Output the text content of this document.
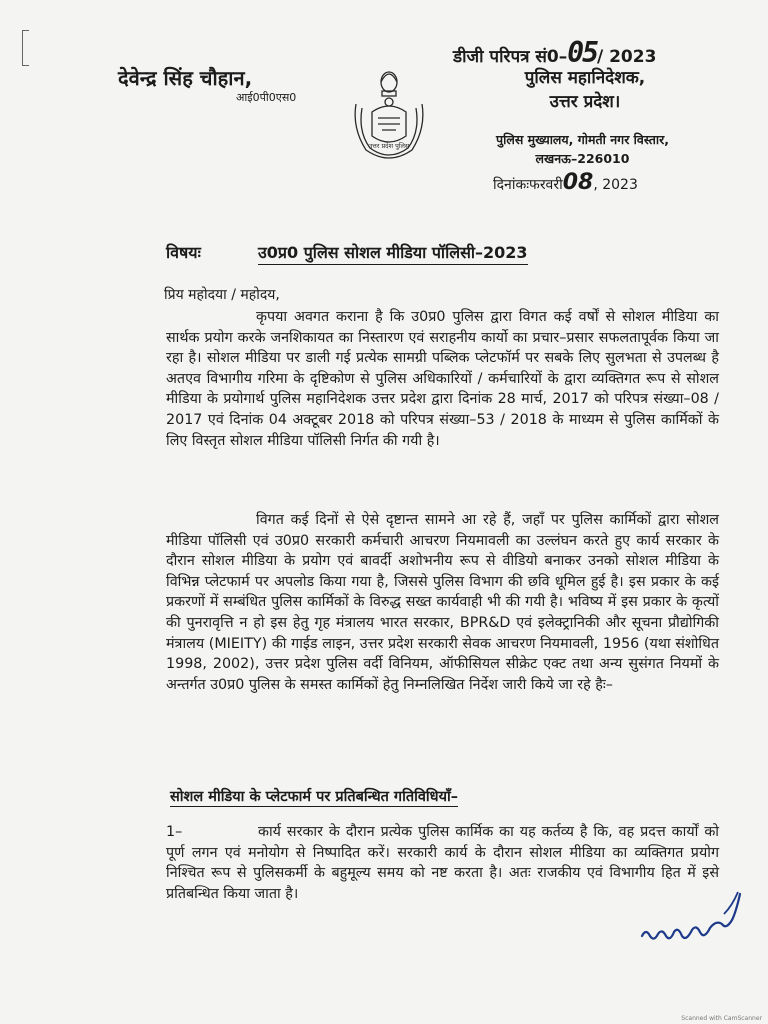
देवेन्द्र सिंह चौहान,
आई0पी0एस0
डीजी परिपत्र सं0–05/ 2023
पुलिस महानिदेशक,
उत्तर प्रदेश।
उत्तर प्रदेश पुलिस	पुलिस मुख्यालय, गोमती नगर विस्तार,
लखनऊ–226010
दिनांकःफरवरी08, 2023
विषयः	उ0प्र0 पुलिस सोशल मीडिया पॉलिसी–2023
प्रिय महोदया / महोदय,
कृपया अवगत कराना है कि उ0प्र0 पुलिस द्वारा विगत कई वर्षों से सोशल मीडिया का सार्थक प्रयोग करके जनशिकायत का निस्तारण एवं सराहनीय कार्यो का प्रचार–प्रसार सफलतापूर्वक किया जा रहा है। सोशल मीडिया पर डाली गई प्रत्येक सामग्री पब्लिक प्लेटफॉर्म पर सबके लिए सुलभता से उपलब्ध है अतएव विभागीय गरिमा के दृष्टिकोण से पुलिस अधिकारियों / कर्मचारियों के द्वारा व्यक्तिगत रूप से सोशल मीडिया के प्रयोगार्थ पुलिस महानिदेशक उत्तर प्रदेश द्वारा दिनांक 28 मार्च, 2017 को परिपत्र संख्या–08 / 2017 एवं दिनांक 04 अक्टूबर 2018 को परिपत्र संख्या–53 / 2018 के माध्यम से पुलिस कार्मिकों के लिए विस्तृत सोशल मीडिया पॉलिसी निर्गत की गयी है।
विगत कई दिनों से ऐसे दृष्टान्त सामने आ रहे हैं, जहाँ पर पुलिस कार्मिकों द्वारा सोशल मीडिया पॉलिसी एवं उ0प्र0 सरकारी कर्मचारी आचरण नियमावली का उल्लंघन करते हुए कार्य सरकार के दौरान सोशल मीडिया के प्रयोग एवं बावर्दी अशोभनीय रूप से वीडियो बनाकर उनको सोशल मीडिया के विभिन्न प्लेटफार्म पर अपलोड किया गया है, जिससे पुलिस विभाग की छवि धूमिल हुई है। इस प्रकार के कई प्रकरणों में सम्बंधित पुलिस कार्मिकों के विरुद्ध सख्त कार्यवाही भी की गयी है। भविष्य में इस प्रकार के कृत्यों की पुनरावृत्ति न हो इस हेतु गृह मंत्रालय भारत सरकार, BPR&D एवं इलेक्ट्रानिकी और सूचना प्रौद्योगिकी मंत्रालय (MIEITY) की गाईड लाइन, उत्तर प्रदेश सरकारी सेवक आचरण नियमावली, 1956 (यथा संशोधित 1998, 2002), उत्तर प्रदेश पुलिस वर्दी विनियम, ऑफीसियल सीक्रेट एक्ट तथा अन्य सुसंगत नियमों के अन्तर्गत उ0प्र0 पुलिस के समस्त कार्मिकों हेतु निम्नलिखित निर्देश जारी किये जा रहे हैः–
सोशल मीडिया के प्लेटफार्म पर प्रतिबन्धित गतिविधियाँ–
1–	कार्य सरकार के दौरान प्रत्येक पुलिस कार्मिक का यह कर्तव्य है कि, वह प्रदत्त कार्यों को पूर्ण लगन एवं मनोयोग से निष्पादित करें। सरकारी कार्य के दौरान सोशल मीडिया का व्यक्तिगत प्रयोग निश्चित रूप से पुलिसकर्मी के बहुमूल्य समय को नष्ट करता है। अतः राजकीय एवं विभागीय हित में इसे प्रतिबन्धित किया जाता है।
Scanned with CamScanner
